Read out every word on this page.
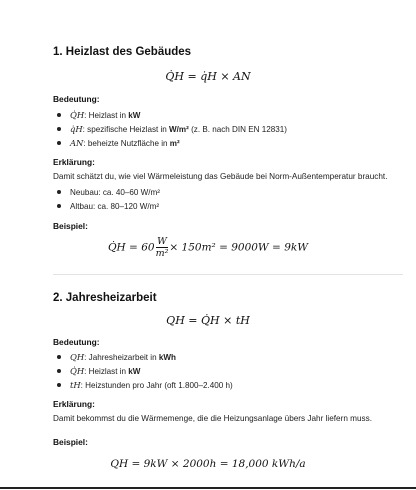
1. Heizlast des Gebäudes
Q̇H = q̇H × AN
Bedeutung:
Q̇H: Heizlast in kW
q̇H: spezifische Heizlast in W/m² (z. B. nach DIN EN 12831)
AN: beheizte Nutzfläche in m²
Erklärung:
Damit schätzt du, wie viel Wärmeleistung das Gebäude bei Norm-Außentemperatur braucht.
Neubau: ca. 40–60 W/m²
Altbau: ca. 80–120 W/m²
Beispiel:
Q̇H = $60 \frac{W}{\text{m²}} \times 150m^2 = 9000W = 9kW$
2. Jahresheizarbeit
QH = Q̇H × tH
Bedeutung:
QH: Jahresheizarbeit in kWh
Q̇H: Heizlast in kW
tH: Heizstunden pro Jahr (oft 1.800–2.400 h)
Erklärung:
Damit bekommst du die Wärmemenge, die die Heizungsanlage übers Jahr liefern muss.
Beispiel:
QH = 9kW × 2000h = 18,000 kWh/a
